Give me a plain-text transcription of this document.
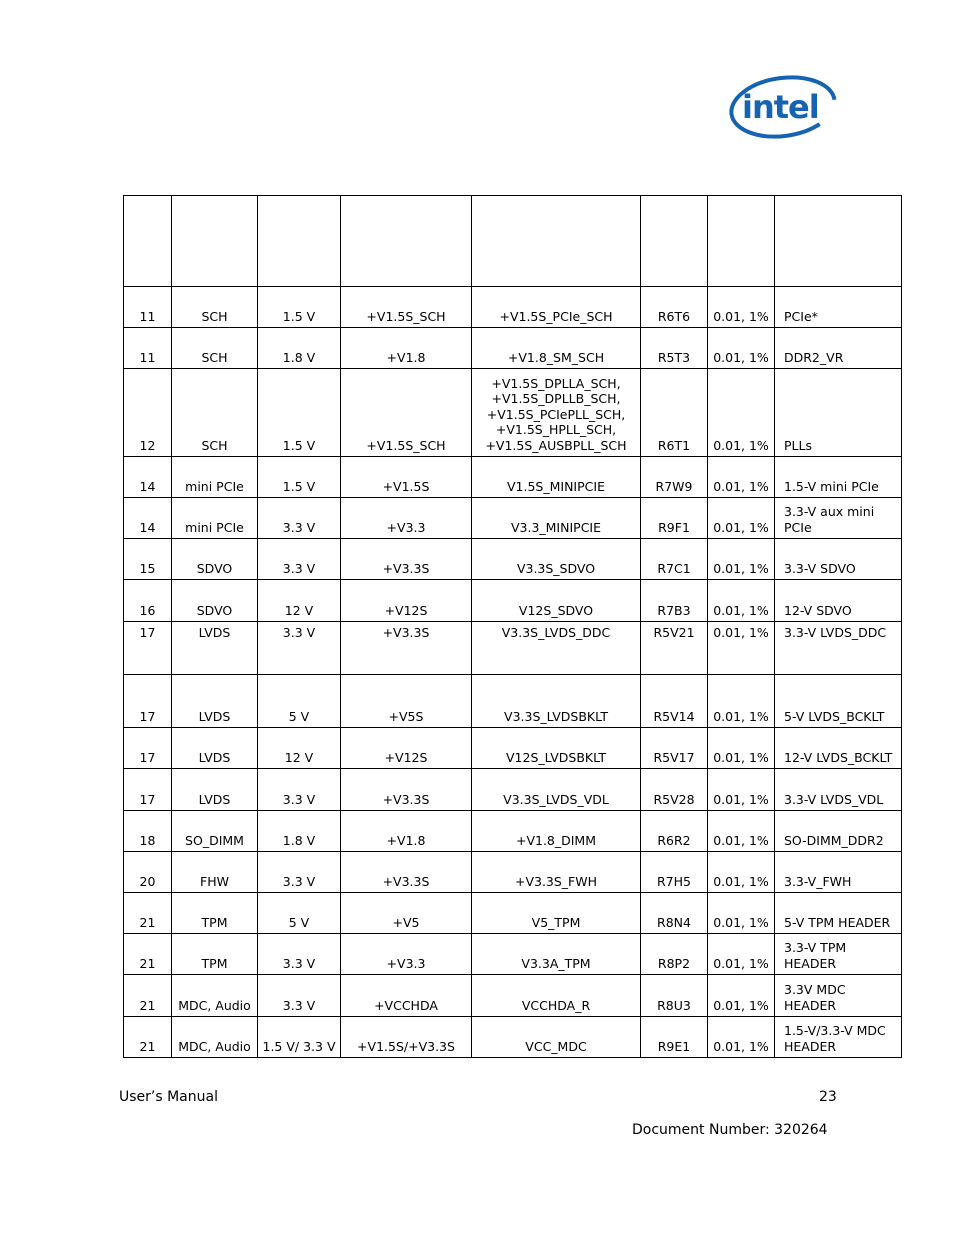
intel

11	SCH	1.5 V	+V1.5S_SCH	+V1.5S_PCIe_SCH	R6T6	0.01, 1%	PCIe*
11	SCH	1.8 V	+V1.8	+V1.8_SM_SCH	R5T3	0.01, 1%	DDR2_VR
12	SCH	1.5 V	+V1.5S_SCH	+V1.5S_DPLLA_SCH, +V1.5S_DPLLB_SCH, +V1.5S_PCIePLL_SCH, +V1.5S_HPLL_SCH, +V1.5S_AUSBPLL_SCH	R6T1	0.01, 1%	PLLs
14	mini PCIe	1.5 V	+V1.5S	V1.5S_MINIPCIE	R7W9	0.01, 1%	1.5-V mini PCIe
14	mini PCIe	3.3 V	+V3.3	V3.3_MINIPCIE	R9F1	0.01, 1%	3.3-V aux mini PCIe
15	SDVO	3.3 V	+V3.3S	V3.3S_SDVO	R7C1	0.01, 1%	3.3-V SDVO
16	SDVO	12 V	+V12S	V12S_SDVO	R7B3	0.01, 1%	12-V SDVO
17	LVDS	3.3 V	+V3.3S	V3.3S_LVDS_DDC	R5V21	0.01, 1%	3.3-V LVDS_DDC
17	LVDS	5 V	+V5S	V3.3S_LVDSBKLT	R5V14	0.01, 1%	5-V LVDS_BCKLT
17	LVDS	12 V	+V12S	V12S_LVDSBKLT	R5V17	0.01, 1%	12-V LVDS_BCKLT
17	LVDS	3.3 V	+V3.3S	V3.3S_LVDS_VDL	R5V28	0.01, 1%	3.3-V LVDS_VDL
18	SO_DIMM	1.8 V	+V1.8	+V1.8_DIMM	R6R2	0.01, 1%	SO-DIMM_DDR2
20	FHW	3.3 V	+V3.3S	+V3.3S_FWH	R7H5	0.01, 1%	3.3-V_FWH
21	TPM	5 V	+V5	V5_TPM	R8N4	0.01, 1%	5-V TPM HEADER
21	TPM	3.3 V	+V3.3	V3.3A_TPM	R8P2	0.01, 1%	3.3-V TPM HEADER
21	MDC, Audio	3.3 V	+VCCHDA	VCCHDA_R	R8U3	0.01, 1%	3.3V MDC HEADER
21	MDC, Audio	1.5 V/ 3.3 V	+V1.5S/+V3.3S	VCC_MDC	R9E1	0.01, 1%	1.5-V/3.3-V MDC HEADER
User’s Manual	23
Document Number: 320264
